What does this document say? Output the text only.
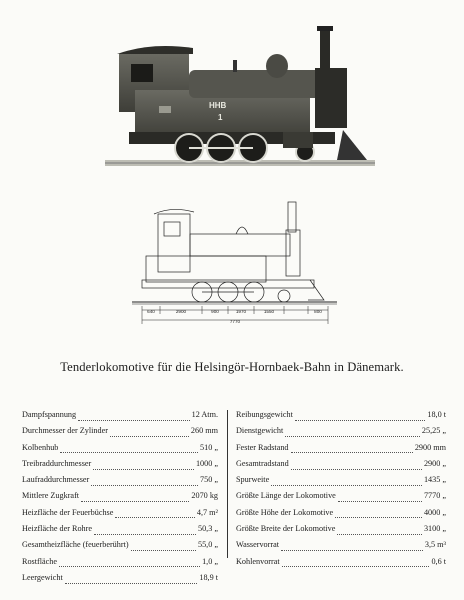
HHB
1
640	2900	900	1970	1550	800
7770
Tenderlokomotive für die Helsingör-Hornbaek-Bahn in Dänemark.
Dampfspannung	12 Atm.
Durchmesser der Zylinder	260 mm
Kolbenhub	510 „
Treibraddurchmesser	1000 „
Laufraddurchmesser	750 „
Mittlere Zugkraft	2070 kg
Heizfläche der Feuerbüchse	4,7 m²
Heizfläche der Rohre	50,3 „
Gesamtheizfläche (feuerberührt)	55,0 „
Rostfläche	1,0 „
Leergewicht	18,9 t
Reibungsgewicht	18,0 t
Dienstgewicht	25,25 „
Fester Radstand	2900 mm
Gesamtradstand	2900 „
Spurweite	1435 „
Größte Länge der Lokomotive	7770 „
Größte Höhe der Lokomotive	4000 „
Größte Breite der Lokomotive	3100 „
Wasservorrat	3,5 m³
Kohlenvorrat	0,6 t
